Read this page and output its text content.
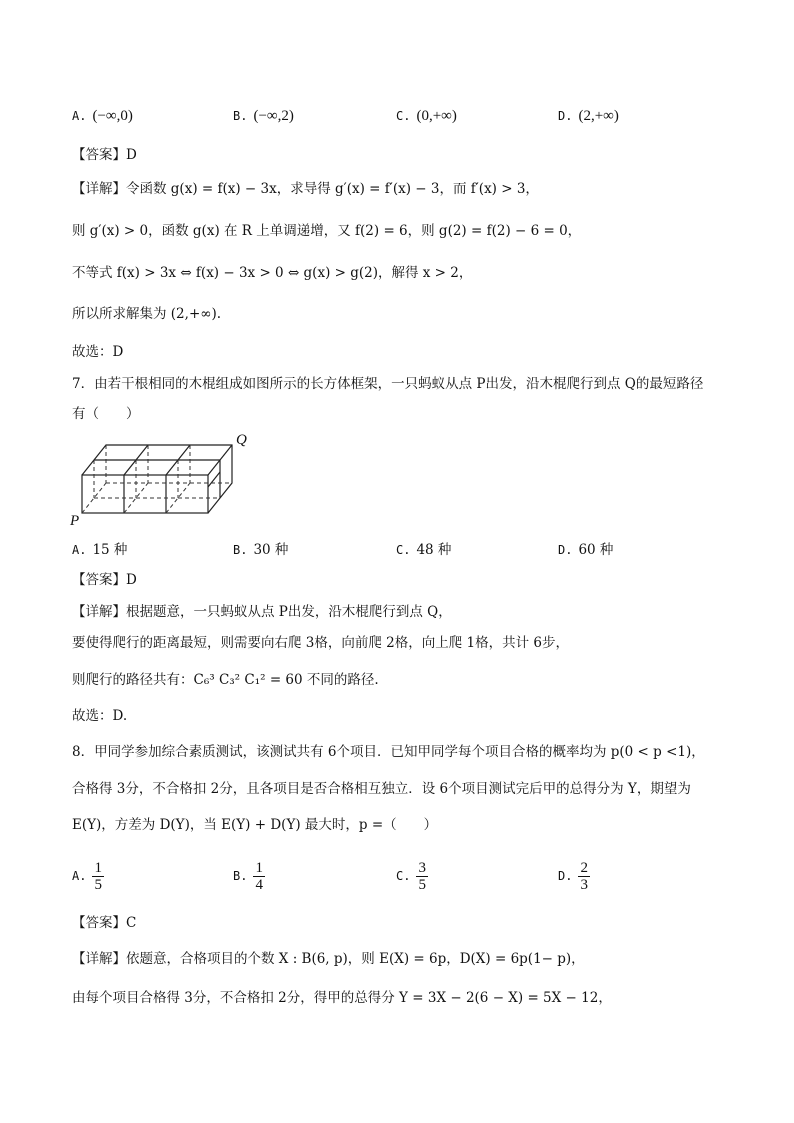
A. (−∞,0)	B. (−∞,2)	C. (0,+∞)	D. (2,+∞)
【答案】D
【详解】令函数 g(x) = f(x) − 3x，求导得 g′(x) = f′(x) − 3，而 f′(x) > 3，
则 g′(x) > 0，函数 g(x) 在 R 上单调递增，又 f(2) = 6，则 g(2) = f(2) − 6 = 0，
不等式 f(x) > 3x ⇔ f(x) − 3x > 0 ⇔ g(x) > g(2)，解得 x > 2，
所以所求解集为 (2,+∞).
故选：D
7．由若干根相同的木棍组成如图所示的长方体框架，一只蚂蚁从点 P出发，沿木棍爬行到点 Q的最短路径
有（　　）
P
Q
A. 15 种	B. 30 种	C. 48 种	D. 60 种
【答案】D
【详解】根据题意，一只蚂蚁从点 P出发，沿木棍爬行到点 Q，
要使得爬行的距离最短，则需要向右爬 3格，向前爬 2格，向上爬 1格，共计 6步，
则爬行的路径共有：C₆³ C₃² C₁² = 60 不同的路径.
故选：D.
8．甲同学参加综合素质测试，该测试共有 6个项目．已知甲同学每个项目合格的概率均为 p(0 < p <1)，
合格得 3分，不合格扣 2分，且各项目是否合格相互独立．设 6个项目测试完后甲的总得分为 Y，期望为
E(Y)，方差为 D(Y)，当 E(Y) + D(Y) 最大时，p =（　　）
A. $\frac{1}{5}$	B. $\frac{1}{4}$	C. $\frac{3}{5}$	D. $\frac{2}{3}$
【答案】C
【详解】依题意，合格项目的个数 X : B(6, p)，则 E(X) = 6p，D(X) = 6p(1− p)，
由每个项目合格得 3分，不合格扣 2分，得甲的总得分 Y = 3X − 2(6 − X) = 5X − 12，
